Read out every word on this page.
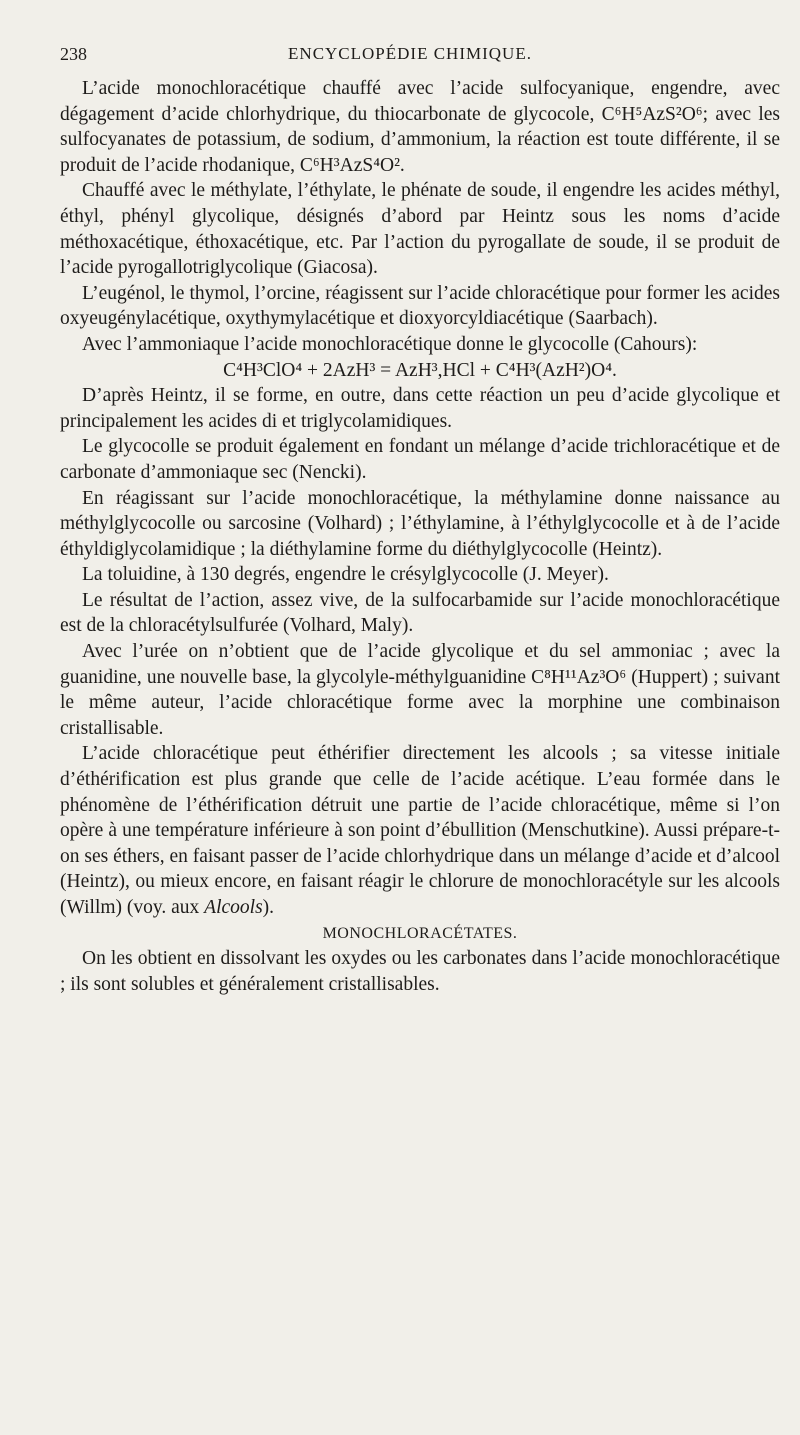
238	ENCYCLOPÉDIE CHIMIQUE.

L’acide monochloracétique chauffé avec l’acide sulfocyanique, engendre, avec dégagement d’acide chlorhydrique, du thiocarbonate de glycocole, C⁶H⁵AzS²O⁶; avec les sulfocyanates de potassium, de sodium, d’ammonium, la réaction est toute différente, il se produit de l’acide rhodanique, C⁶H³AzS⁴O².

Chauffé avec le méthylate, l’éthylate, le phénate de soude, il engendre les acides méthyl, éthyl, phényl glycolique, désignés d’abord par Heintz sous les noms d’acide méthoxacétique, éthoxacétique, etc. Par l’action du pyrogallate de soude, il se produit de l’acide pyrogallotriglycolique (Giacosa).

L’eugénol, le thymol, l’orcine, réagissent sur l’acide chloracétique pour former les acides oxyeugénylacétique, oxythymylacétique et dioxyorcyldiacétique (Saarbach).

Avec l’ammoniaque l’acide monochloracétique donne le glycocolle (Cahours):

C⁴H³ClO⁴ + 2AzH³ = AzH³,HCl + C⁴H³(AzH²)O⁴.

D’après Heintz, il se forme, en outre, dans cette réaction un peu d’acide glycolique et principalement les acides di et triglycolamidiques.

Le glycocolle se produit également en fondant un mélange d’acide trichloracétique et de carbonate d’ammoniaque sec (Nencki).

En réagissant sur l’acide monochloracétique, la méthylamine donne naissance au méthylglycocolle ou sarcosine (Volhard) ; l’éthylamine, à l’éthylglycocolle et à de l’acide éthyldiglycolamidique ; la diéthylamine forme du diéthylglycocolle (Heintz).

La toluidine, à 130 degrés, engendre le crésylglycocolle (J. Meyer).

Le résultat de l’action, assez vive, de la sulfocarbamide sur l’acide monochloracétique est de la chloracétylsulfurée (Volhard, Maly).

Avec l’urée on n’obtient que de l’acide glycolique et du sel ammoniac ; avec la guanidine, une nouvelle base, la glycolyle-méthylguanidine C⁸H¹¹Az³O⁶ (Huppert) ; suivant le même auteur, l’acide chloracétique forme avec la morphine une combinaison cristallisable.

L’acide chloracétique peut éthérifier directement les alcools ; sa vitesse initiale d’éthérification est plus grande que celle de l’acide acétique. L’eau formée dans le phénomène de l’éthérification détruit une partie de l’acide chloracétique, même si l’on opère à une température inférieure à son point d’ébullition (Menschutkine). Aussi prépare-t-on ses éthers, en faisant passer de l’acide chlorhydrique dans un mélange d’acide et d’alcool (Heintz), ou mieux encore, en faisant réagir le chlorure de monochloracétyle sur les alcools (Willm) (voy. aux Alcools).

MONOCHLORACÉTATES.

On les obtient en dissolvant les oxydes ou les carbonates dans l’acide monochloracétique ; ils sont solubles et généralement cristallisables.
